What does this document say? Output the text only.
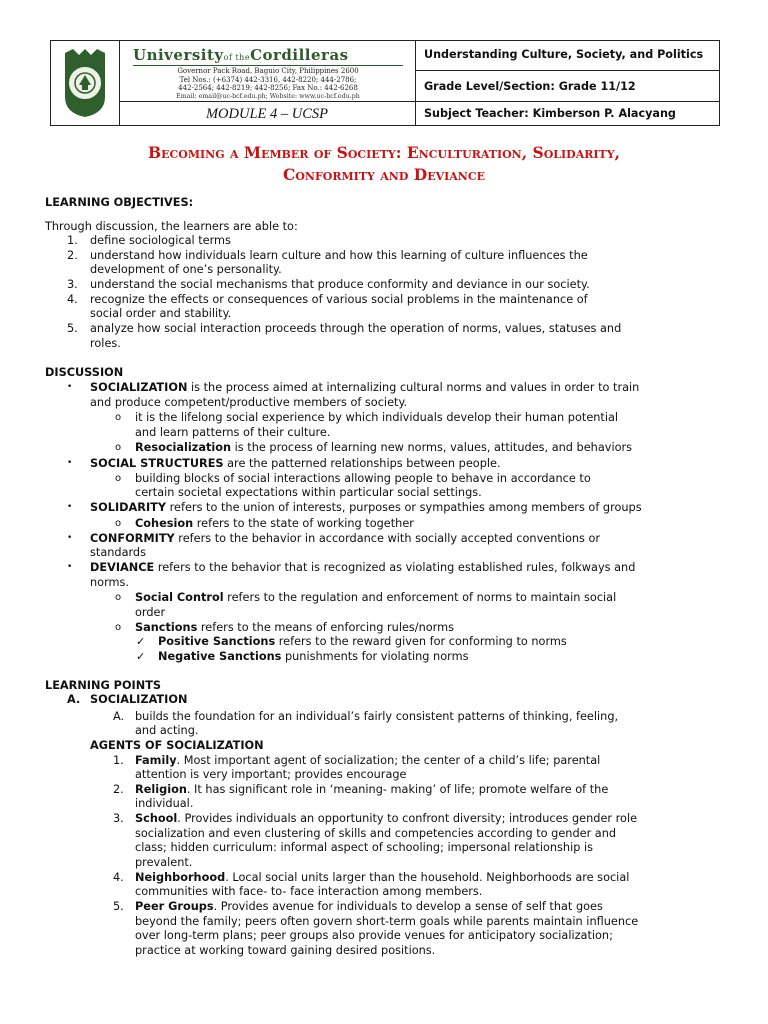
Universityof theCordilleras
Governor Pack Road, Baguio City, Philippines 2600
Tel Nos.: (+6374) 442-3316, 442-8220; 444-2786;
442-2564; 442-8219; 442-8256; Fax No.: 442-6268
Email: email@uc-bcf.edu.ph; Website: www.uc-bcf.edu.ph
MODULE 4 – UCSP
Understanding Culture, Society, and Politics
Grade Level/Section: Grade 11/12
Subject Teacher: Kimberson P. Alacyang
Becoming a Member of Society: Enculturation, Solidarity,
Conformity and Deviance
LEARNING OBJECTIVES:
Through discussion, the learners are able to:
1. define sociological terms
2. understand how individuals learn culture and how this learning of culture influences the
development of one’s personality.
3. understand the social mechanisms that produce conformity and deviance in our society.
4. recognize the effects or consequences of various social problems in the maintenance of
social order and stability.
5. analyze how social interaction proceeds through the operation of norms, values, statuses and
roles.
DISCUSSION
• SOCIALIZATION is the process aimed at internalizing cultural norms and values in order to train
and produce competent/productive members of society.
o it is the lifelong social experience by which individuals develop their human potential
and learn patterns of their culture.
o Resocialization is the process of learning new norms, values, attitudes, and behaviors
• SOCIAL STRUCTURES are the patterned relationships between people.
o building blocks of social interactions allowing people to behave in accordance to
certain societal expectations within particular social settings.
• SOLIDARITY refers to the union of interests, purposes or sympathies among members of groups
o Cohesion refers to the state of working together
• CONFORMITY refers to the behavior in accordance with socially accepted conventions or
standards
• DEVIANCE refers to the behavior that is recognized as violating established rules, folkways and
norms.
o Social Control refers to the regulation and enforcement of norms to maintain social
order
o Sanctions refers to the means of enforcing rules/norms
✓ Positive Sanctions refers to the reward given for conforming to norms
✓ Negative Sanctions punishments for violating norms
LEARNING POINTS
A. SOCIALIZATION
A. builds the foundation for an individual’s fairly consistent patterns of thinking, feeling,
and acting.
AGENTS OF SOCIALIZATION
1. Family. Most important agent of socialization; the center of a child’s life; parental
attention is very important; provides encourage
2. Religion. It has significant role in ‘meaning- making’ of life; promote welfare of the
individual.
3. School. Provides individuals an opportunity to confront diversity; introduces gender role
socialization and even clustering of skills and competencies according to gender and
class; hidden curriculum: informal aspect of schooling; impersonal relationship is
prevalent.
4. Neighborhood. Local social units larger than the household. Neighborhoods are social
communities with face- to- face interaction among members.
5. Peer Groups. Provides avenue for individuals to develop a sense of self that goes
beyond the family; peers often govern short-term goals while parents maintain influence
over long-term plans; peer groups also provide venues for anticipatory socialization;
practice at working toward gaining desired positions.
